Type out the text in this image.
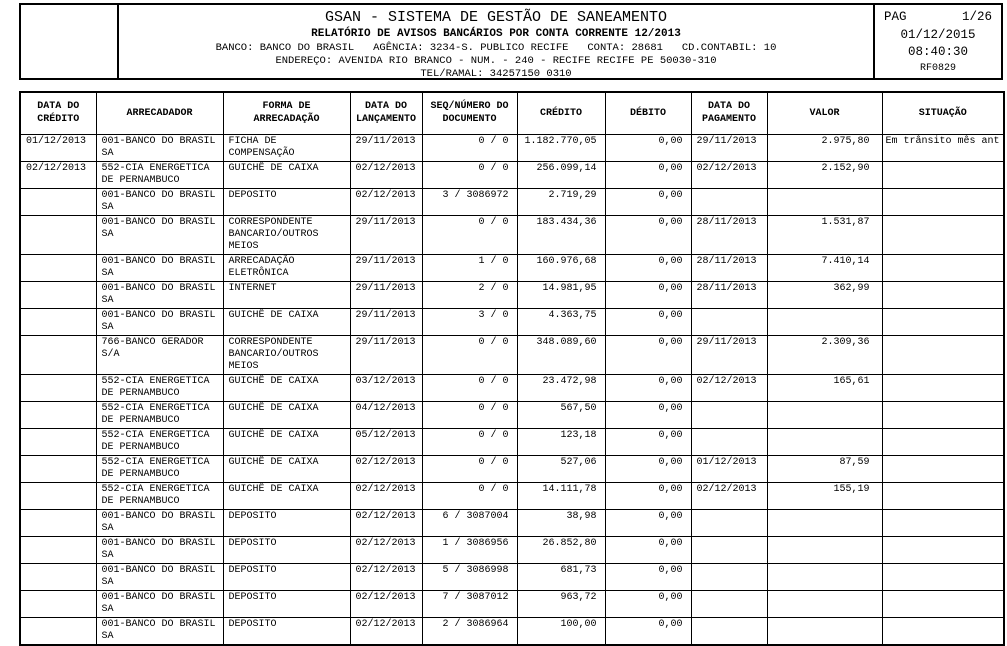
GSAN - SISTEMA DE GESTÃO DE SANEAMENTO
RELATÓRIO DE AVISOS BANCÁRIOS POR CONTA CORRENTE 12/2013
BANCO: BANCO DO BRASIL   AGÊNCIA: 3234-S. PUBLICO RECIFE   CONTA: 28681   CD.CONTABIL: 10
ENDEREÇO: AVENIDA RIO BRANCO - NUM. - 240 - RECIFE RECIFE PE 50030-310
TEL/RAMAL: 34257150 0310
PAG	1/26
01/12/2015
08:40:30
RF0829
DATA DO CRÉDITO	ARRECADADOR	FORMA DE ARRECADAÇÃO	DATA DO LANÇAMENTO	SEQ/NÚMERO DO DOCUMENTO	CRÉDITO	DÉBITO	DATA DO PAGAMENTO	VALOR	SITUAÇÃO
01/12/2013	001-BANCO DO BRASIL SA	FICHA DE COMPENSAÇÃO	29/11/2013	0 / 0	1.182.770,05	0,00	29/11/2013	2.975,80	Em trânsito mês ant
02/12/2013	552-CIA ENERGETICA DE PERNAMBUCO	GUICHÊ DE CAIXA	02/12/2013	0 / 0	256.099,14	0,00	02/12/2013	2.152,90	
	001-BANCO DO BRASIL SA	DEPOSITO	02/12/2013	3 / 3086972	2.719,29	0,00			
	001-BANCO DO BRASIL SA	CORRESPONDENTE BANCARIO/OUTROS MEIOS	29/11/2013	0 / 0	183.434,36	0,00	28/11/2013	1.531,87	
	001-BANCO DO BRASIL SA	ARRECADAÇÃO ELETRÔNICA	29/11/2013	1 / 0	160.976,68	0,00	28/11/2013	7.410,14	
	001-BANCO DO BRASIL SA	INTERNET	29/11/2013	2 / 0	14.981,95	0,00	28/11/2013	362,99	
	001-BANCO DO BRASIL SA	GUICHÊ DE CAIXA	29/11/2013	3 / 0	4.363,75	0,00			
	766-BANCO GERADOR S/A	CORRESPONDENTE BANCARIO/OUTROS MEIOS	29/11/2013	0 / 0	348.089,60	0,00	29/11/2013	2.309,36	
	552-CIA ENERGETICA DE PERNAMBUCO	GUICHÊ DE CAIXA	03/12/2013	0 / 0	23.472,98	0,00	02/12/2013	165,61	
	552-CIA ENERGETICA DE PERNAMBUCO	GUICHÊ DE CAIXA	04/12/2013	0 / 0	567,50	0,00			
	552-CIA ENERGETICA DE PERNAMBUCO	GUICHÊ DE CAIXA	05/12/2013	0 / 0	123,18	0,00			
	552-CIA ENERGETICA DE PERNAMBUCO	GUICHÊ DE CAIXA	02/12/2013	0 / 0	527,06	0,00	01/12/2013	87,59	
	552-CIA ENERGETICA DE PERNAMBUCO	GUICHÊ DE CAIXA	02/12/2013	0 / 0	14.111,78	0,00	02/12/2013	155,19	
	001-BANCO DO BRASIL SA	DEPOSITO	02/12/2013	6 / 3087004	38,98	0,00			
	001-BANCO DO BRASIL SA	DEPOSITO	02/12/2013	1 / 3086956	26.852,80	0,00			
	001-BANCO DO BRASIL SA	DEPOSITO	02/12/2013	5 / 3086998	681,73	0,00			
	001-BANCO DO BRASIL SA	DEPOSITO	02/12/2013	7 / 3087012	963,72	0,00			
	001-BANCO DO BRASIL SA	DEPOSITO	02/12/2013	2 / 3086964	100,00	0,00			
